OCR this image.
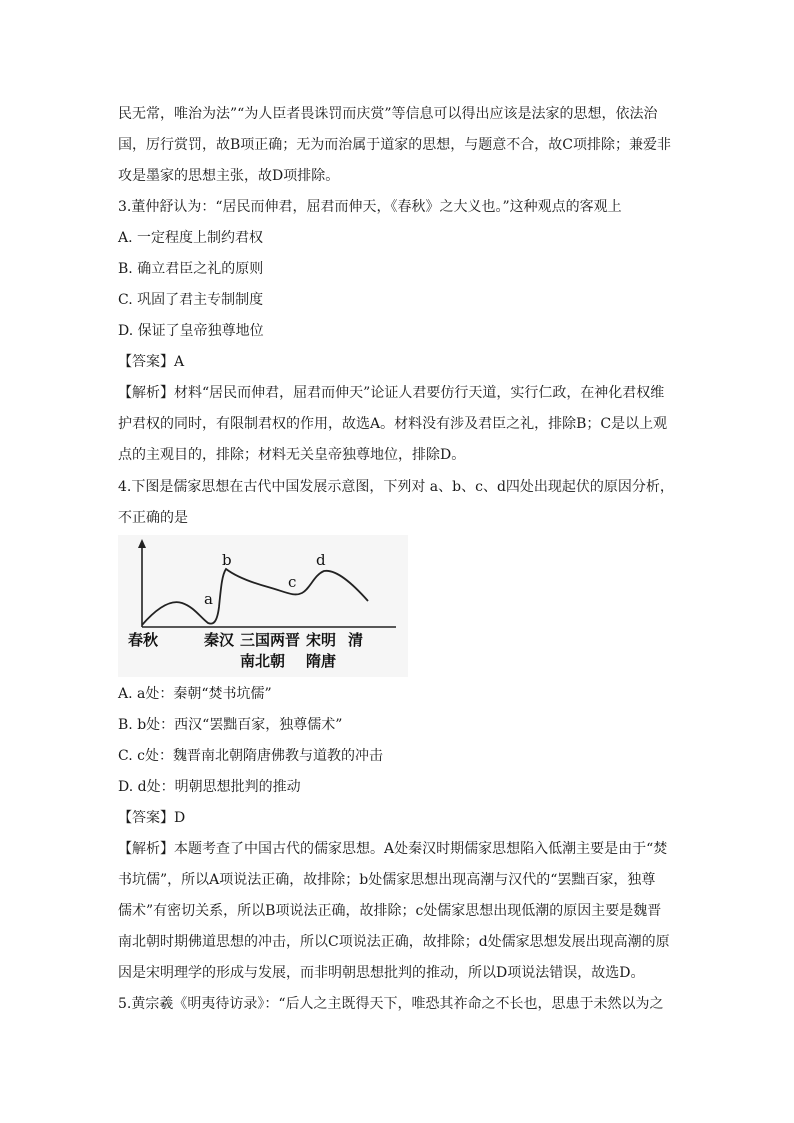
民无常，唯治为法”“为人臣者畏诛罚而庆赏”等信息可以得出应该是法家的思想，依法治
国，厉行赏罚，故B项正确；无为而治属于道家的思想，与题意不合，故C项排除；兼爱非
攻是墨家的思想主张，故D项排除。
3.董仲舒认为：“居民而伸君，屈君而伸天，《春秋》之大义也。”这种观点的客观上
A. 一定程度上制约君权
B. 确立君臣之礼的原则
C. 巩固了君主专制制度
D. 保证了皇帝独尊地位
【答案】A
【解析】材料“居民而伸君，屈君而伸天”论证人君要仿行天道，实行仁政，在神化君权维
护君权的同时，有限制君权的作用，故选A。材料没有涉及君臣之礼，排除B；C是以上观
点的主观目的，排除；材料无关皇帝独尊地位，排除D。
4.下图是儒家思想在古代中国发展示意图，下列对 a、b、c、d四处出现起伏的原因分析，
不正确的是
a
b
c
d
春秋	秦汉 三国两晋 宋明 清
南北朝 隋唐
A. a处：秦朝“焚书坑儒”
B. b处：西汉“罢黜百家，独尊儒术”
C. c处：魏晋南北朝隋唐佛教与道教的冲击
D. d处：明朝思想批判的推动
【答案】D
【解析】本题考查了中国古代的儒家思想。A处秦汉时期儒家思想陷入低潮主要是由于“焚
书坑儒”，所以A项说法正确，故排除；b处儒家思想出现高潮与汉代的“罢黜百家，独尊
儒术”有密切关系，所以B项说法正确，故排除；c处儒家思想出现低潮的原因主要是魏晋
南北朝时期佛道思想的冲击，所以C项说法正确，故排除；d处儒家思想发展出现高潮的原
因是宋明理学的形成与发展，而非明朝思想批判的推动，所以D项说法错误，故选D。
5.黄宗羲《明夷待访录》：“后人之主既得天下，唯恐其祚命之不长也，思患于未然以为之
